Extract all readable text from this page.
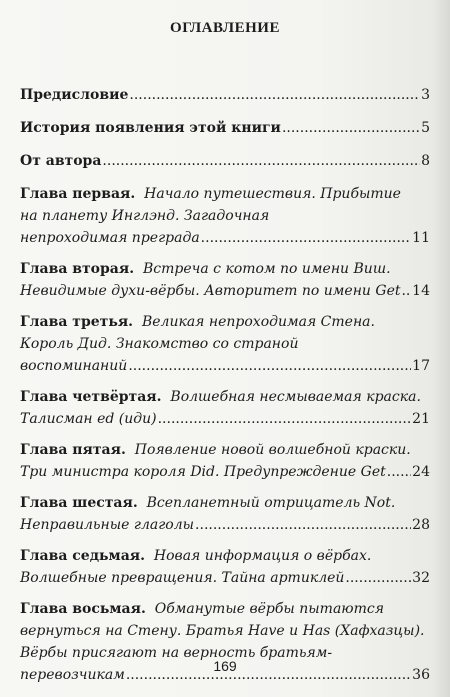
ОГЛАВЛЕНИЕ
Предисловие .....	3
История появления этой книги .....	5
От автора .....	8
Глава первая. Начало путешествия. Прибытие
на планету Инглэнд. Загадочная
непроходимая преграда .....	11
Глава вторая. Встреча с котом по имени Виш.
Невидимые духи-вёрбы. Авторитет по имени Get ..... 14
Глава третья. Великая непроходимая Стена.
Король Дид. Знакомство со страной
воспоминаний .....	17
Глава четвёртая. Волшебная несмываемая краска.
Талисман ed (иди) .....	21
Глава пятая. Появление новой волшебной краски.
Три министра короля Did. Предупреждение Get ..... 24
Глава шестая. Всепланетный отрицатель Not.
Неправильные глаголы .....	28
Глава седьмая. Новая информация о вёрбах.
Волшебные превращения. Тайна артиклей .....	32
Глава восьмая. Обманутые вёрбы пытаются
вернуться на Стену. Братья Have и Has (Хафхазцы).
Вёрбы присягают на верность братьям-
перевозчикам .....	36
169
